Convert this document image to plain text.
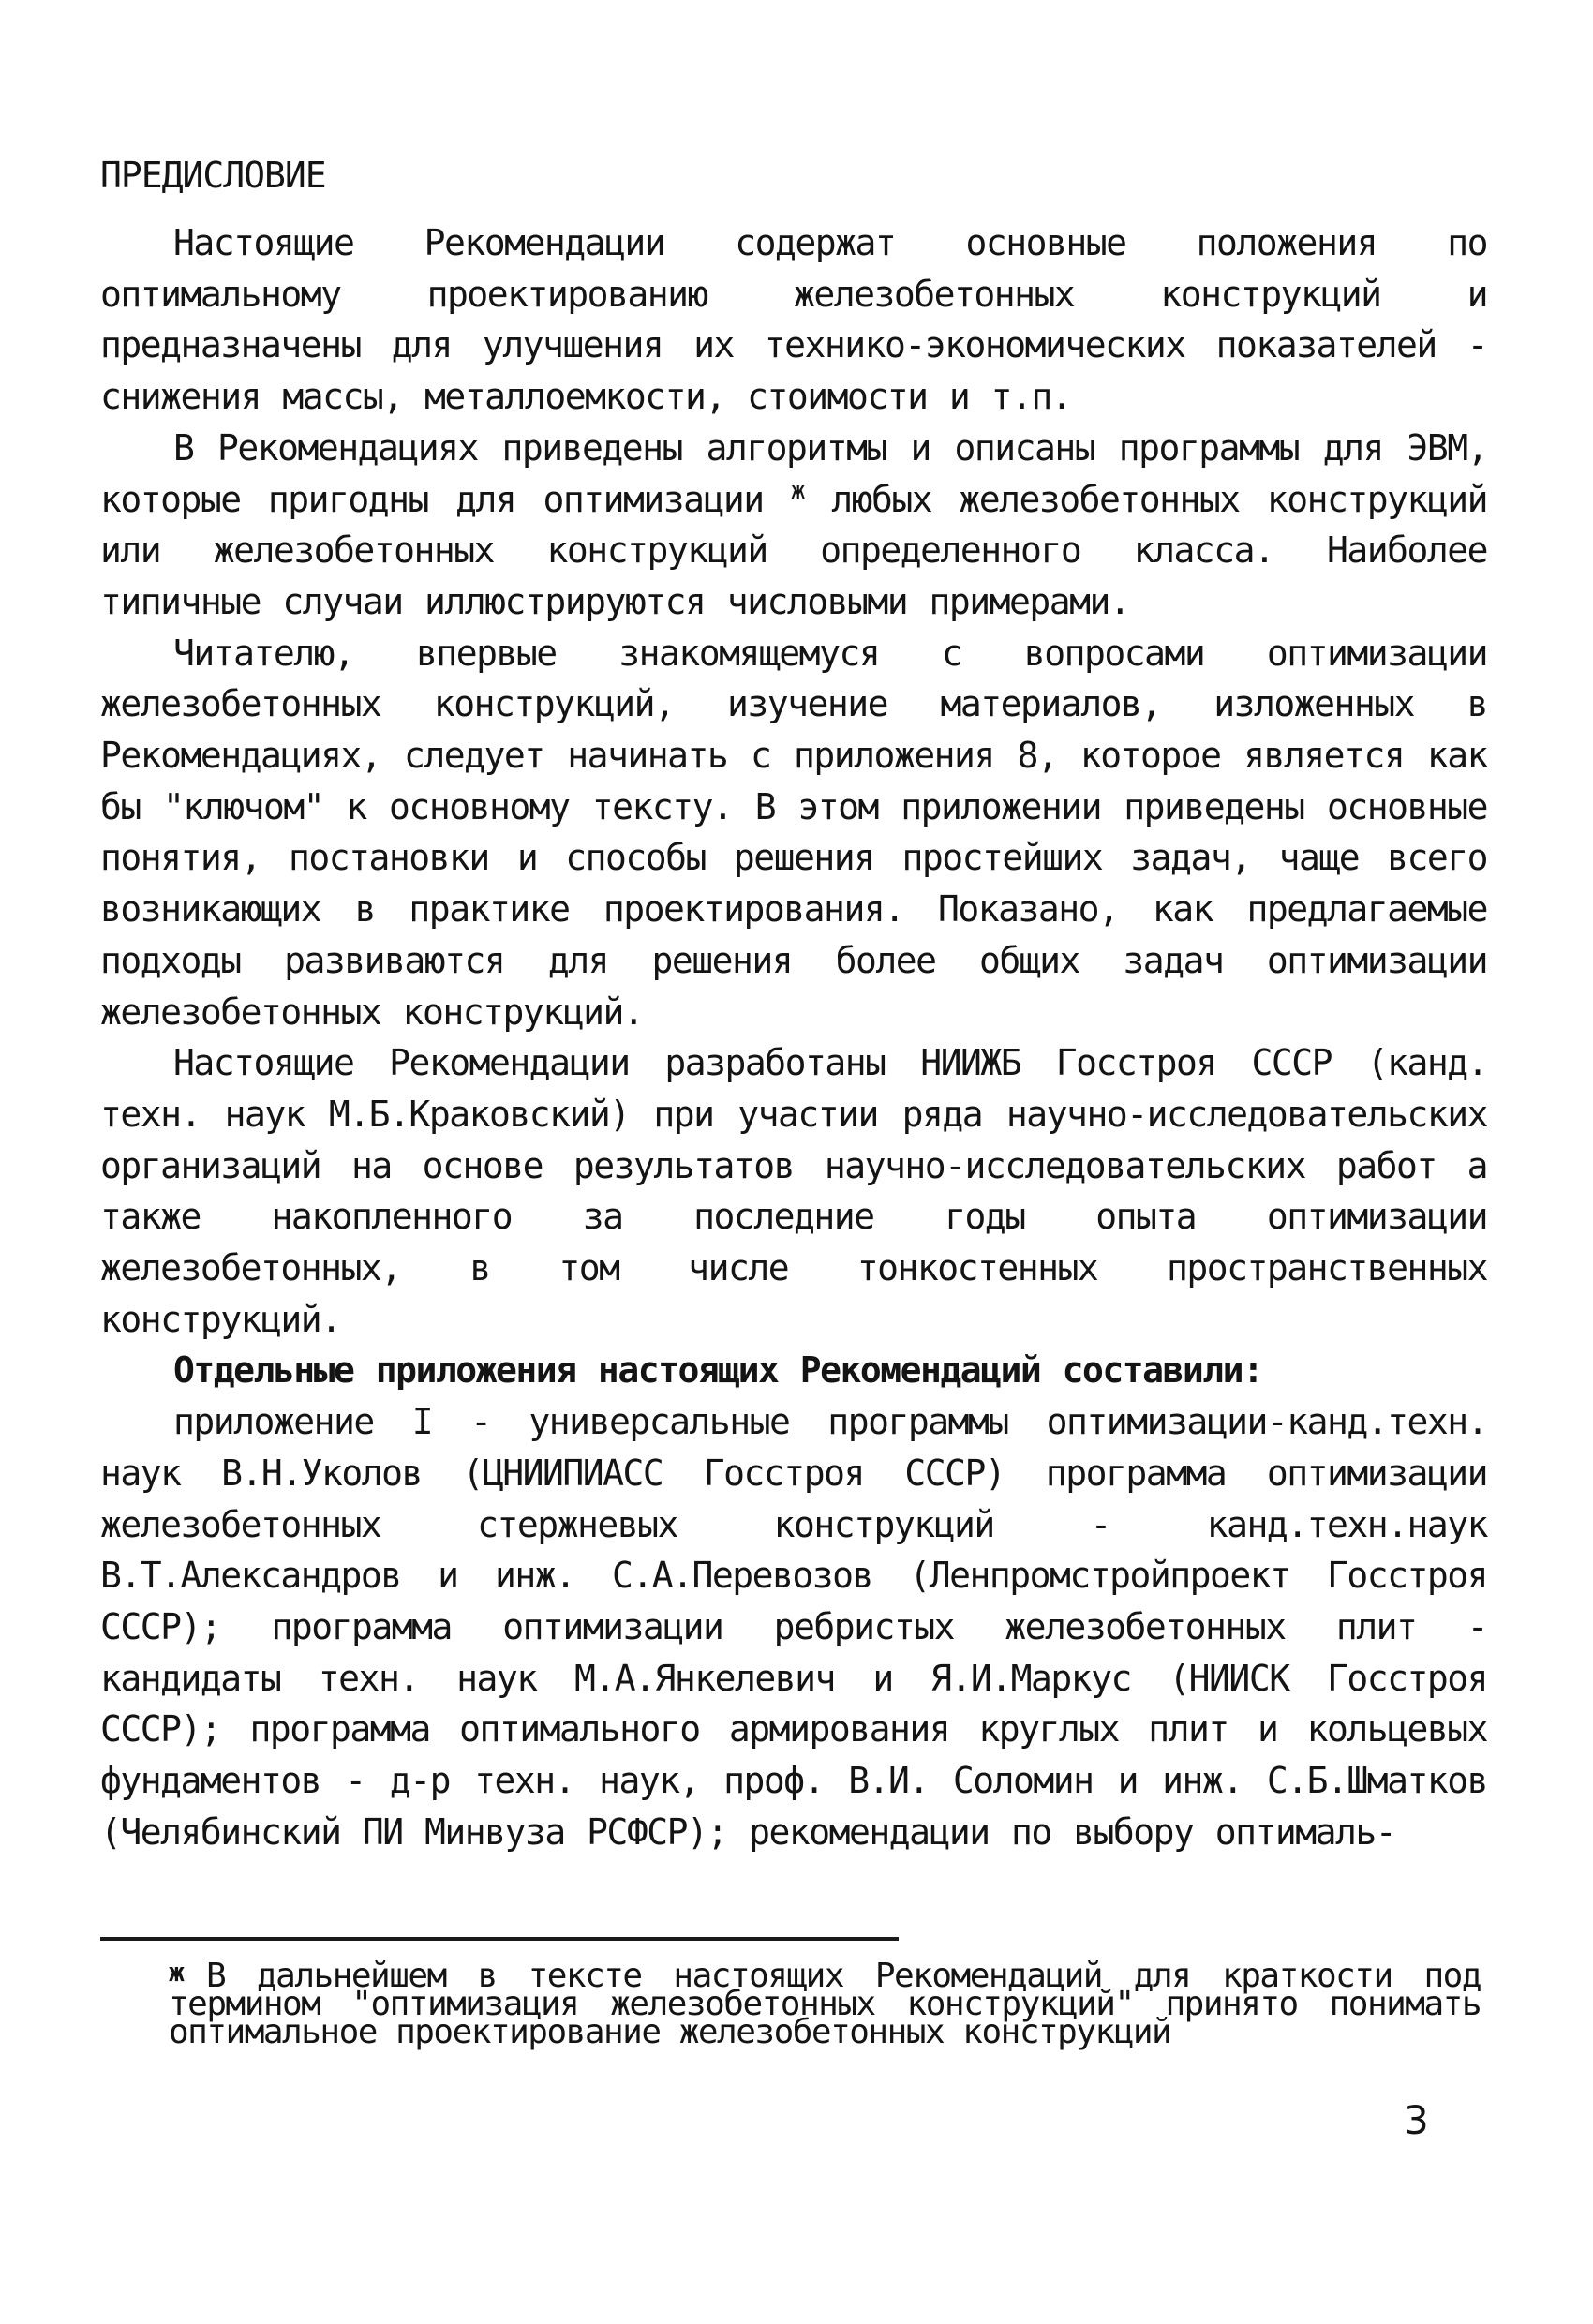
ПРЕДИСЛОВИЕ

Настоящие Рекомендации содержат основные положения по оптимальному проектированию железобетонных конструкций и предназначены для улучшения их технико-экономических показателей - снижения массы, металлоемкости, стоимости и т.п.

В Рекомендациях приведены алгоритмы и описаны программы для ЭВМ, которые пригодны для оптимизации $^ж$ любых железобетонных конструкций или железобетонных конструкций определенного класса. Наиболее типичные случаи иллюстрируются числовыми примерами.

Читателю, впервые знакомящемуся с вопросами оптимизации железобетонных конструкций, изучение материалов, изложенных в Рекомендациях, следует начинать с приложения 8, которое является как бы "ключом" к основному тексту. В этом приложении приведены основные понятия, постановки и способы решения простейших задач, чаще всего возникающих в практике проектирования. Показано, как предлагаемые подходы развиваются для решения более общих задач оптимизации железобетонных конструкций.

Настоящие Рекомендации разработаны НИИЖБ Госстроя СССР (канд. техн. наук М.Б.Краковский) при участии ряда научно-исследовательских организаций на основе результатов научно-исследовательских работ а также накопленного за последние годы опыта оптимизации железобетонных, в том числе тонкостенных пространственных конструкций.

Отдельные приложения настоящих Рекомендаций составили:

приложение I - универсальные программы оптимизации-канд.техн. наук В.Н.Уколов (ЦНИИПИАСС Госстроя СССР) программа оптимизации железобетонных стержневых конструкций - канд.техн.наук В.Т.Александров и инж. С.А.Перевозов (Ленпромстройпроект Госстроя СССР); программа оптимизации ребристых железобетонных плит - кандидаты техн. наук М.А.Янкелевич и Я.И.Маркус (НИИСК Госстроя СССР); программа оптимального армирования круглых плит и кольцевых фундаментов - д-р техн. наук, проф. В.И. Соломин и инж. С.Б.Шматков (Челябинский ПИ Минвуза РСФСР); рекомендации по выбору оптималь-

ж В дальнейшем в тексте настоящих Рекомендаций для краткости под термином "оптимизация железобетонных конструкций" принято понимать оптимальное проектирование железобетонных конструкций
3
